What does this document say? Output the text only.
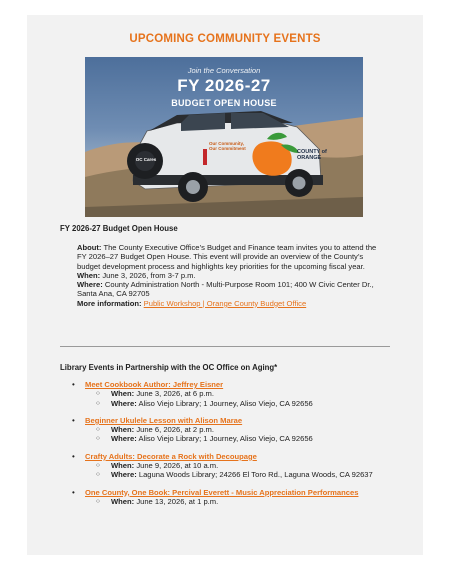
UPCOMING COMMUNITY EVENTS
Join the Conversation
FY 2026-27
BUDGET OPEN HOUSE
Our Community, Our Commitment
COUNTY of ORANGE
OC Cares
FY 2026-27 Budget Open House

About: The County Executive Office’s Budget and Finance team invites you to attend the FY 2026–27 Budget Open House. This event will provide an overview of the County’s budget development process and highlights key priorities for the upcoming fiscal year.

When: June 3, 2026, from 3-7 p.m.

Where: County Administration North - Multi-Purpose Room 101; 400 W Civic Center Dr., Santa Ana, CA 92705

More information: Public Workshop | Orange County Budget Office

Library Events in Partnership with the OC Office on Aging*
• Meet Cookbook Author: Jeffrey Eisner
○ When: June 3, 2026, at 6 p.m.
○ Where: Aliso Viejo Library; 1 Journey, Aliso Viejo, CA 92656
• Beginner Ukulele Lesson with Alison Marae
○ When: June 6, 2026, at 2 p.m.
○ Where: Aliso Viejo Library; 1 Journey, Aliso Viejo, CA 92656
• Crafty Adults: Decorate a Rock with Decoupage
○ When: June 9, 2026, at 10 a.m.
○ Where: Laguna Woods Library; 24266 El Toro Rd., Laguna Woods, CA 92637
• One County, One Book: Percival Everett - Music Appreciation Performances
○ When: June 13, 2026, at 1 p.m.
